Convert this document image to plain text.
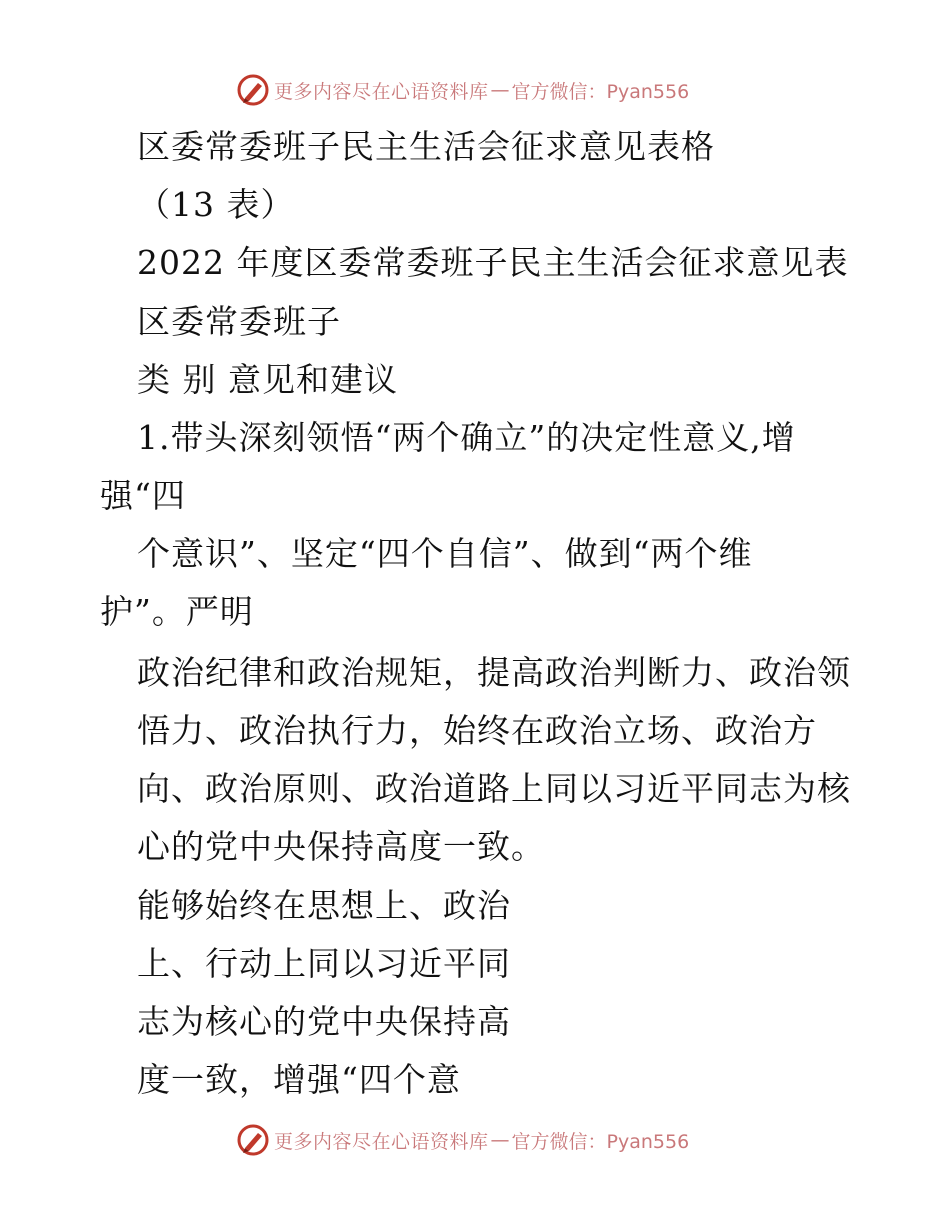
更多内容尽在心语资料库 — 官方微信：Pyan556
区委常委班子民主生活会征求意见表格
（13 表）
2022 年度区委常委班子民主生活会征求意见表
区委常委班子
类 别 意见和建议
1.带头深刻领悟“两个确立”的决定性意义,增
强“四
个意识”、坚定“四个自信”、做到“两个维
护”。严明
政治纪律和政治规矩，提高政治判断力、政治领
悟力、政治执行力，始终在政治立场、政治方
向、政治原则、政治道路上同以习近平同志为核
心的党中央保持高度一致。
能够始终在思想上、政治
上、行动上同以习近平同
志为核心的党中央保持高
度一致，增强“四个意
更多内容尽在心语资料库 — 官方微信：Pyan556
